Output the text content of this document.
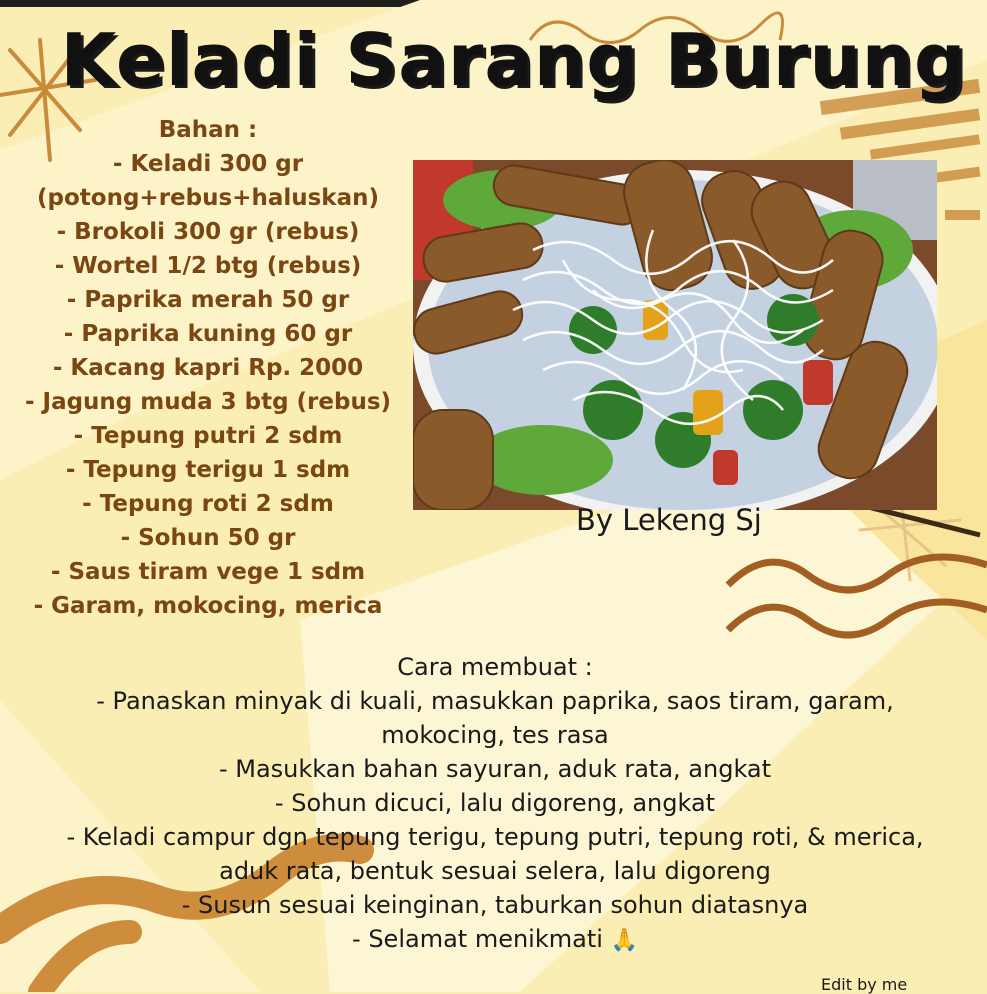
Keladi Sarang Burung
Bahan :
- Keladi 300 gr
(potong+rebus+haluskan)
- Brokoli 300 gr (rebus)
- Wortel 1/2 btg (rebus)
- Paprika merah 50 gr
- Paprika kuning 60 gr
- Kacang kapri Rp. 2000
- Jagung muda 3 btg (rebus)
- Tepung putri 2 sdm
- Tepung terigu 1 sdm
- Tepung roti 2 sdm
- Sohun 50 gr
- Saus tiram vege 1 sdm
- Garam, mokocing, merica
By Lekeng Sj

Cara membuat :

- Panaskan minyak di kuali, masukkan paprika, saos tiram, garam,

mokocing, tes rasa

- Masukkan bahan sayuran, aduk rata, angkat

- Sohun dicuci, lalu digoreng, angkat

- Keladi campur dgn tepung terigu, tepung putri, tepung roti, & merica,

aduk rata, bentuk sesuai selera, lalu digoreng

- Susun sesuai keinginan, taburkan sohun diatasnya

- Selamat menikmati 🙏

Edit by me
